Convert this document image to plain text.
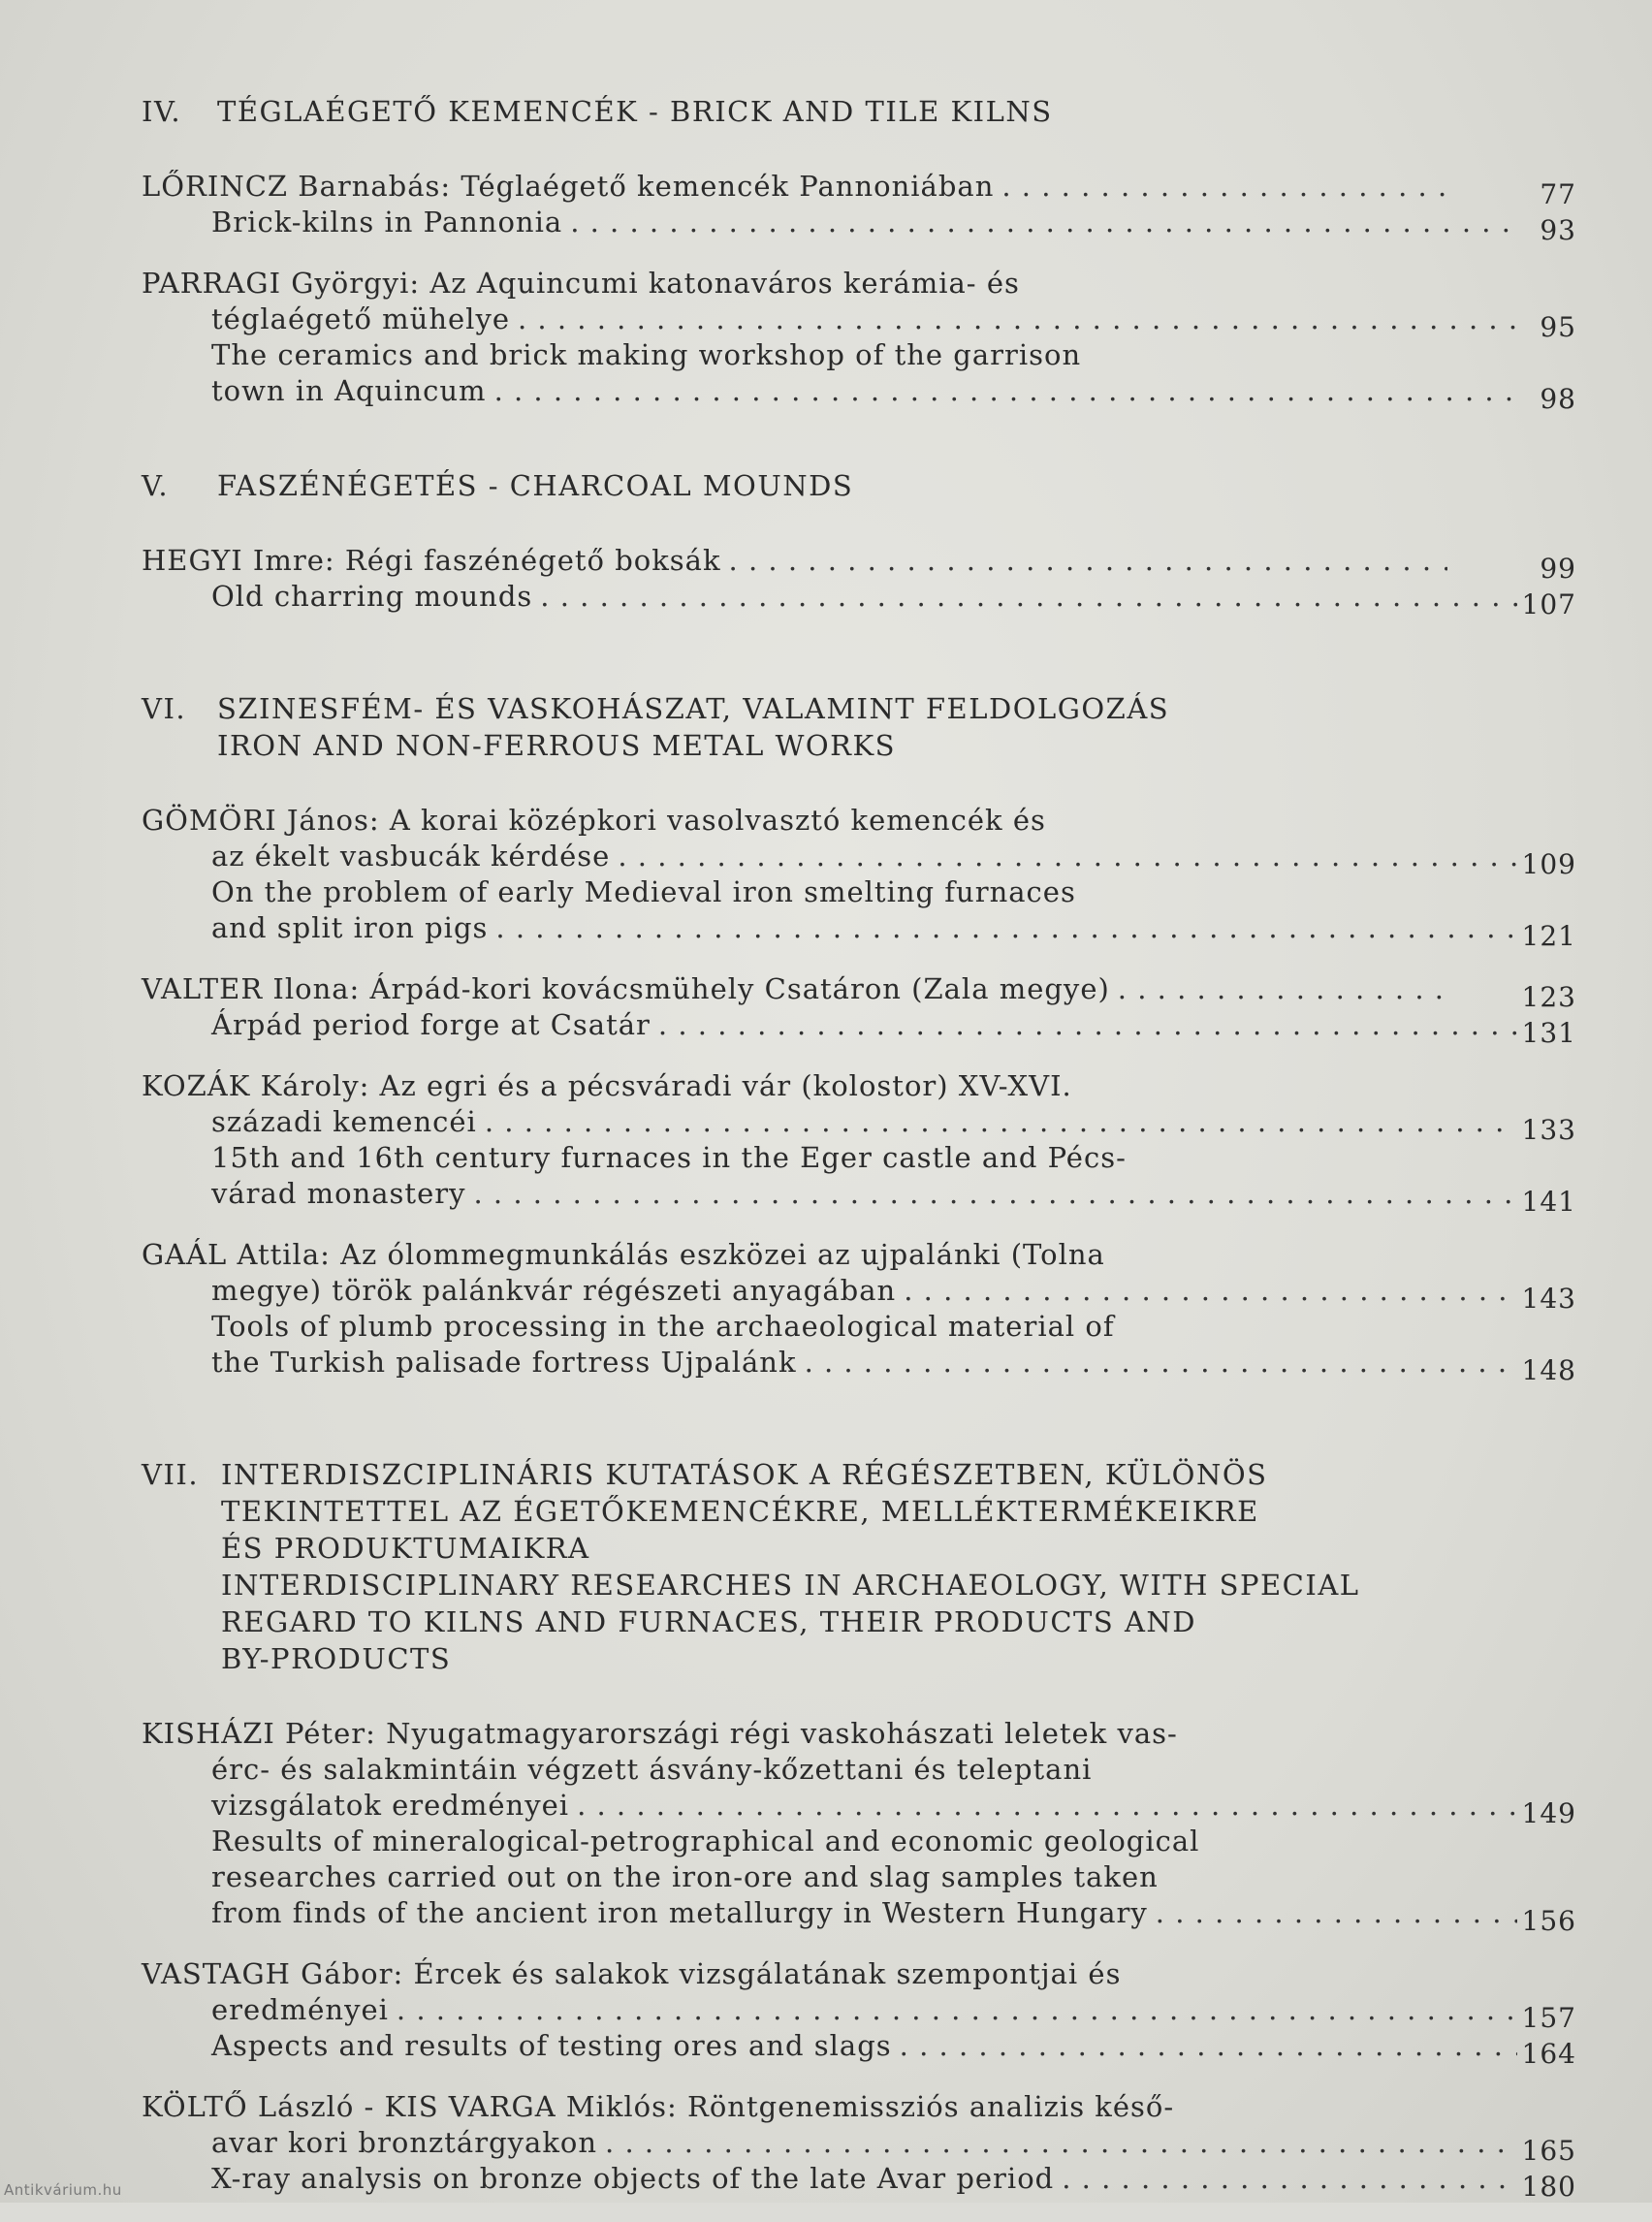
IV.	TÉGLAÉGETŐ KEMENCÉK - BRICK AND TILE KILNS
LŐRINCZ Barnabás: Téglaégető kemencék Pannoniában . . .	77
Brick-kilns in Pannonia . . .	93
PARRAGI Györgyi: Az Aquincumi katonaváros kerámia- és
téglaégető mühelye . . .	95
The ceramics and brick making workshop of the garrison
town in Aquincum . . .	98
V.	FASZÉNÉGETÉS - CHARCOAL MOUNDS
HEGYI Imre: Régi faszénégető boksák . . .	99
Old charring mounds . . .	107
VI.	SZINESFÉM- ÉS VASKOHÁSZAT, VALAMINT FELDOLGOZÁS
IRON AND NON-FERROUS METAL WORKS
GÖMÖRI János: A korai középkori vasolvasztó kemencék és
az ékelt vasbucák kérdése . . .	109
On the problem of early Medieval iron smelting furnaces
and split iron pigs . . .	121
VALTER Ilona: Árpád-kori kovácsmühely Csatáron (Zala megye) . . .	123
Árpád period forge at Csatár . . .	131
KOZÁK Károly: Az egri és a pécsváradi vár (kolostor) XV-XVI.
századi kemencéi . . .	133
15th and 16th century furnaces in the Eger castle and Pécs-
várad monastery . . .	141
GAÁL Attila: Az ólommegmunkálás eszközei az ujpalánki (Tolna
megye) török palánkvár régészeti anyagában . . .	143
Tools of plumb processing in the archaeological material of
the Turkish palisade fortress Ujpalánk . . .	148
VII. INTERDISZCIPLINÁRIS KUTATÁSOK A RÉGÉSZETBEN, KÜLÖNÖS
TEKINTETTEL AZ ÉGETŐKEMENCÉKRE, MELLÉKTERMÉKEIKRE
ÉS PRODUKTUMAIKRA
INTERDISCIPLINARY RESEARCHES IN ARCHAEOLOGY, WITH SPECIAL
REGARD TO KILNS AND FURNACES, THEIR PRODUCTS AND
BY-PRODUCTS
KISHÁZI Péter: Nyugatmagyarországi régi vaskohászati leletek vas-
érc- és salakmintáin végzett ásvány-kőzettani és teleptani
vizsgálatok eredményei . . .	149
Results of mineralogical-petrographical and economic geological
researches carried out on the iron-ore and slag samples taken
from finds of the ancient iron metallurgy in Western Hungary . . .	156
VASTAGH Gábor: Ércek és salakok vizsgálatának szempontjai és
eredményei . . .	157
Aspects and results of testing ores and slags . . .	164
KÖLTŐ László - KIS VARGA Miklós: Röntgenemissziós analizis késő-
avar kori bronztárgyakon . . .	165
X-ray analysis on bronze objects of the late Avar period . . .	180
Antikvárium.hu
